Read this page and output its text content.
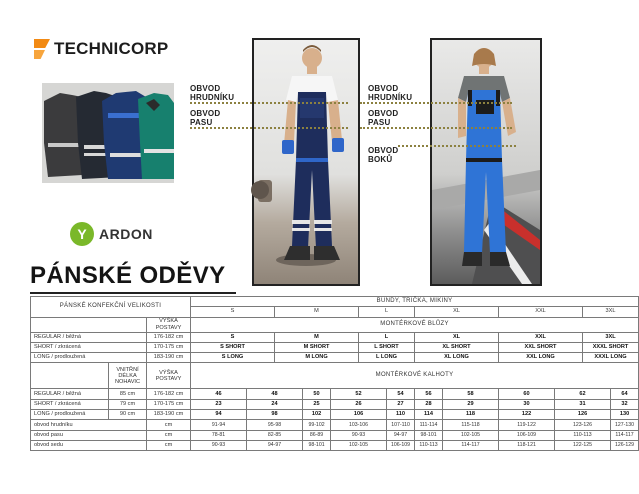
TECHNICORP
Y ARDON
OBVOD
HRUDNÍKU
OBVOD
PASU
OBVOD
HRUDNÍKU
OBVOD
PASU
OBVOD
BOKŮ
PÁNSKÉ ODĚVY
PÁNSKÉ KONFEKČNÍ VELIKOSTI			BUNDY, TRIČKA, MIKINY												
			S		M			L		XL		XXL		3XL	
		VÝŠKA
POSTAVY	MONTÉRKOVÉ BLŮZY												
REGULAR / běžná		176-182 cm	S		M			L		XL		XXL		3XL	
SHORT / zkrácená		170-175 cm	S SHORT		M SHORT			L SHORT		XL SHORT		XXL SHORT		XXXL SHORT	
LONG / prodloužená		183-190 cm	S LONG		M LONG			L LONG		XL LONG		XXL LONG		XXXL LONG	
	VNITŘNÍ
DÉLKA
NOHAVIC	VÝŠKA
POSTAVY	MONTÉRKOVÉ KALHOTY												
REGULAR / běžná	85 cm	176-182 cm	46	48		50	52		54	56	58	60	62		64
SHORT / zkrácená	79 cm	170-175 cm	23	24		25	26		27	28	29	30	31		32
LONG / prodloužená	90 cm	183-190 cm	94	98		102	106		110	114	118	122	126		130
obvod hrudníku		cm	91-94	95-98		99-102	103-106		107-110	111-114	115-118	119-122	123-126		127-130
obvod pasu		cm	78-81	82-85		86-89	90-93		94-97	98-101	102-105	106-109	110-113		114-117
obvod sedu		cm	90-93	94-97		98-101	102-105		106-109	110-113	114-117	118-121	122-125		126-129
